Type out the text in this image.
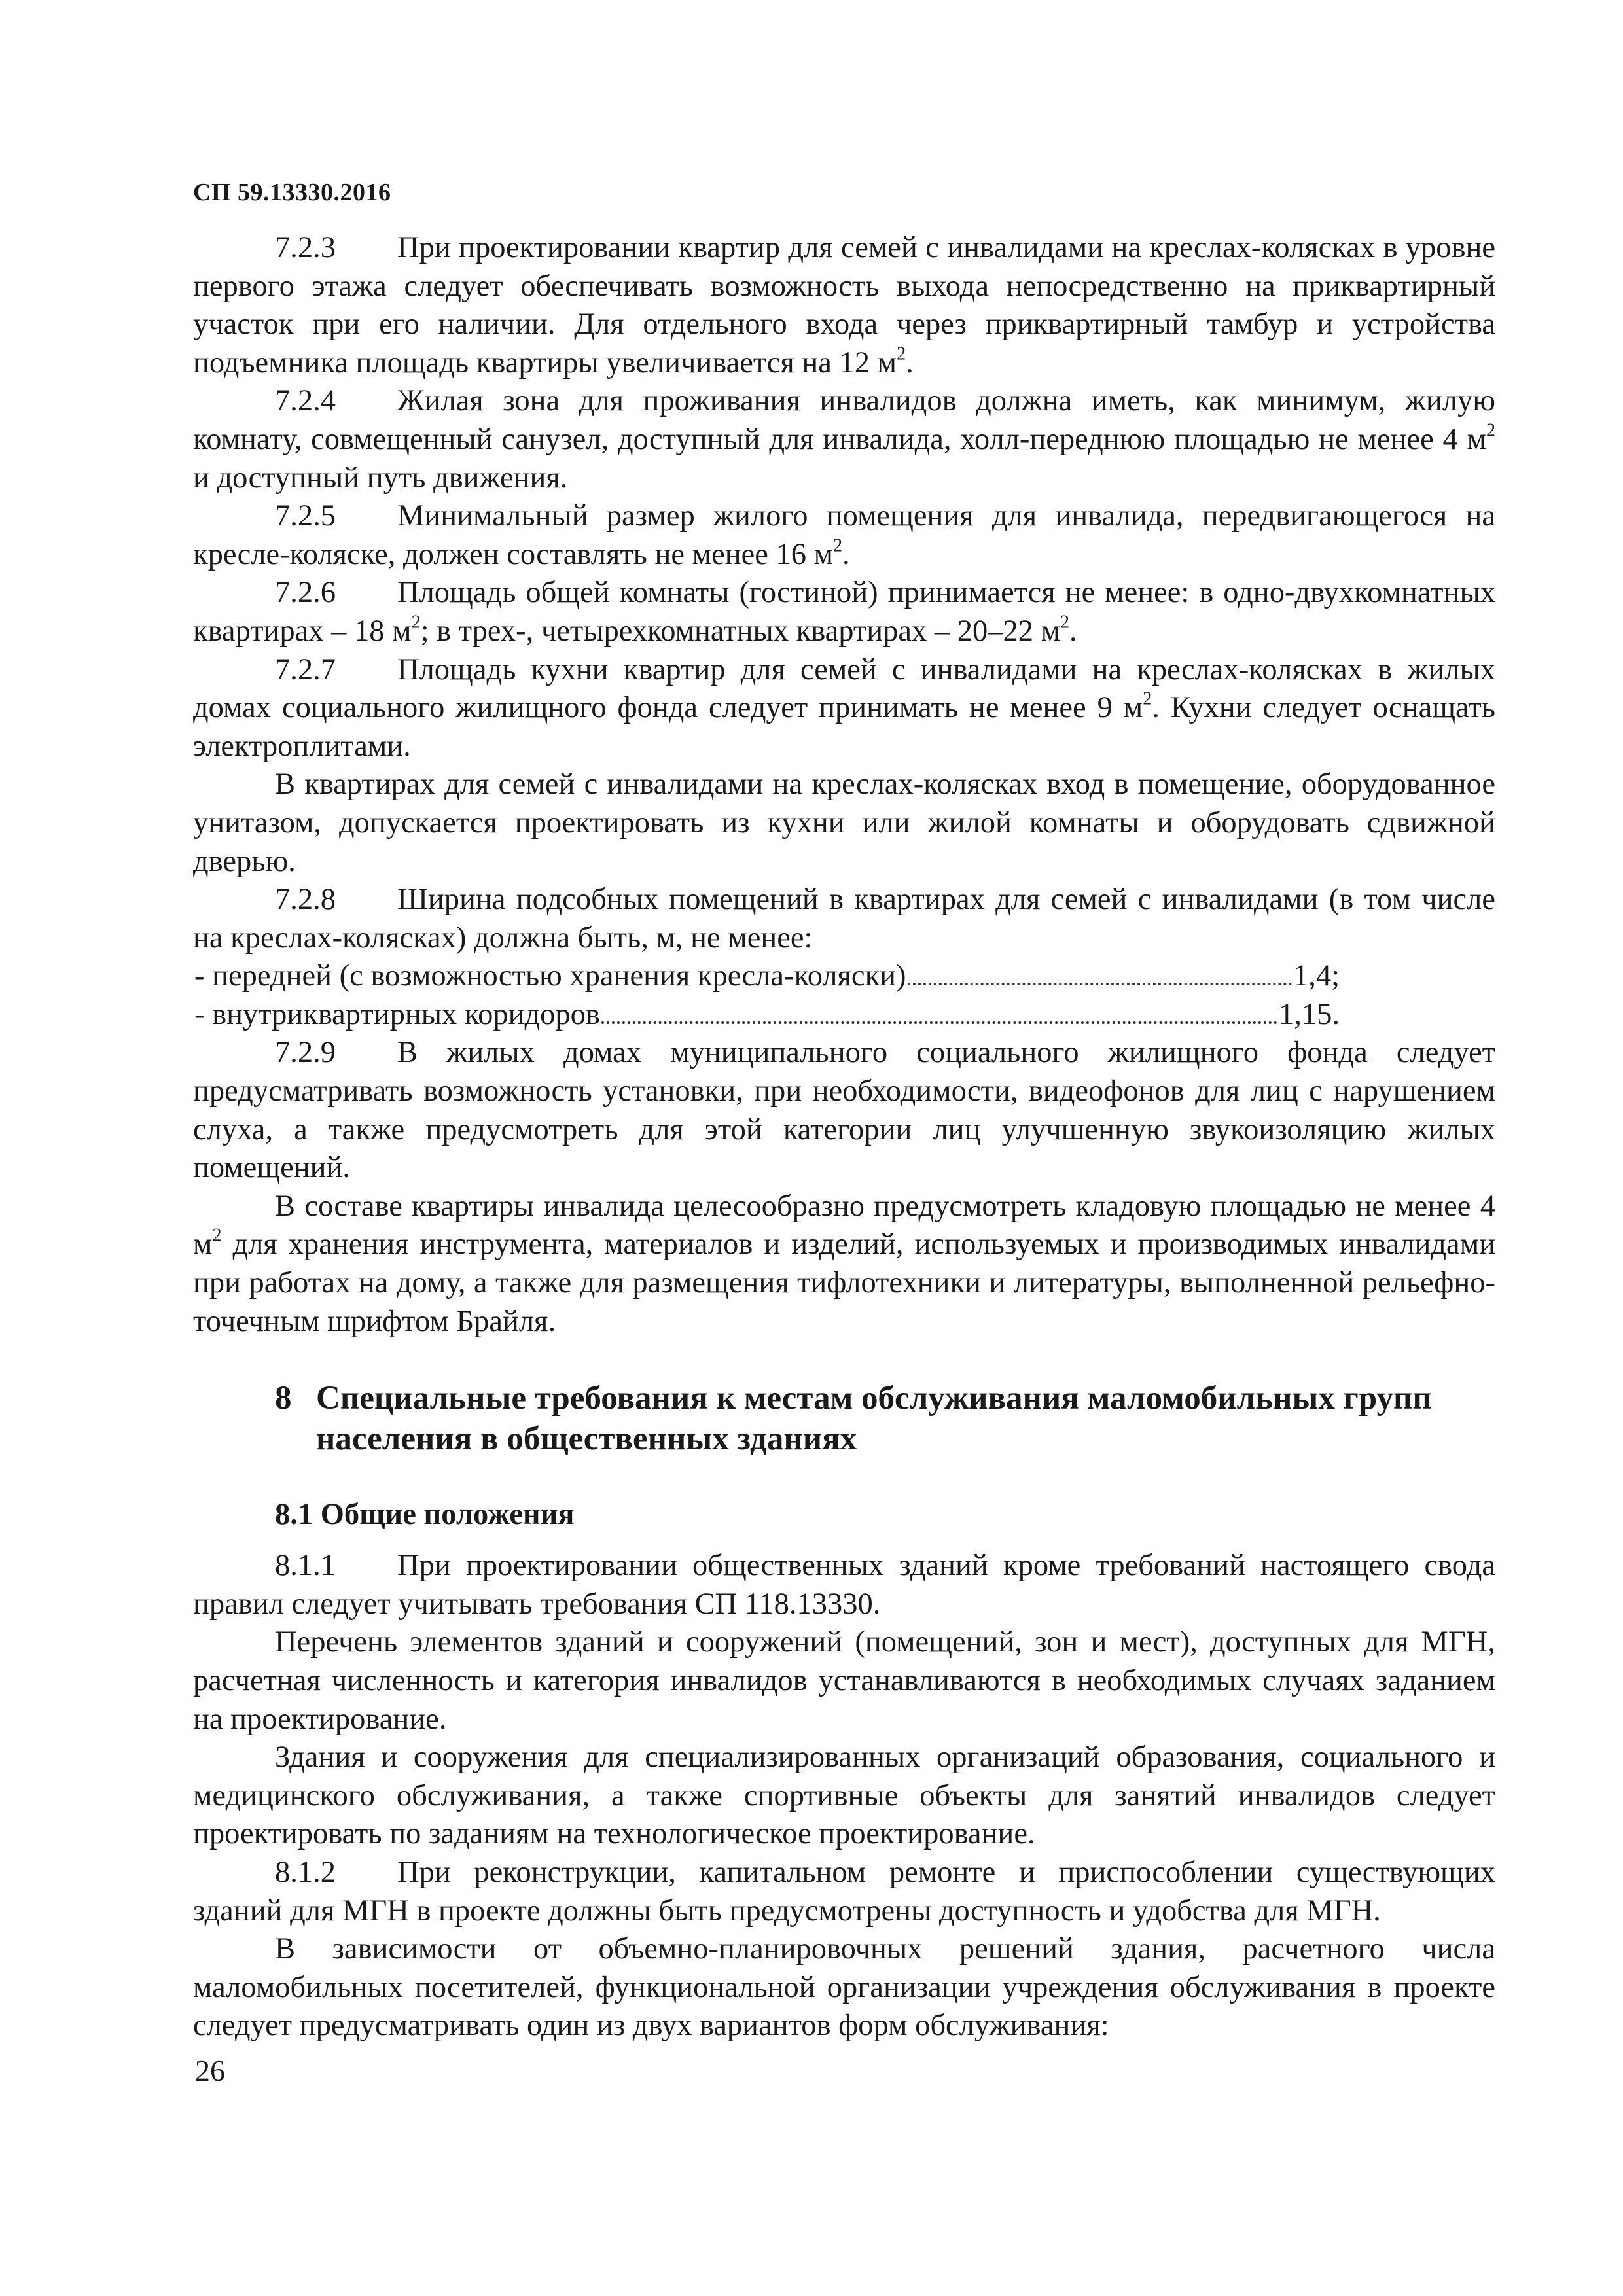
СП 59.13330.2016

7.2.3 При проектировании квартир для семей с инвалидами на креслах-колясках в уровне первого этажа следует обеспечивать возможность выхода непосредственно на приквартирный участок при его наличии. Для отдельного входа через приквартирный тамбур и устройства подъемника площадь квартиры увеличивается на 12 $м^2$.

7.2.4 Жилая зона для проживания инвалидов должна иметь, как минимум, жилую комнату, совмещенный санузел, доступный для инвалида, холл-переднюю площадью не менее 4 $м^2$ и доступный путь движения.

7.2.5 Минимальный размер жилого помещения для инвалида, передвигающегося на кресле-коляске, должен составлять не менее 16 $м^2$.

7.2.6 Площадь общей комнаты (гостиной) принимается не менее: в одно-двухкомнатных квартирах – 18 $м^2$; в трех-, четырехкомнатных квартирах – 20–22 $м^2$.

7.2.7 Площадь кухни квартир для семей с инвалидами на креслах-колясках в жилых домах социального жилищного фонда следует принимать не менее 9 $м^2$. Кухни следует оснащать электроплитами.

В квартирах для семей с инвалидами на креслах-колясках вход в помещение, оборудованное унитазом, допускается проектировать из кухни или жилой комнаты и оборудовать сдвижной дверью.

7.2.8 Ширина подсобных помещений в квартирах для семей с инвалидами (в том числе на креслах-колясках) должна быть, м, не менее:

- передней (с возможностью хранения кресла-коляски)	1,4;
- внутриквартирных коридоров	1,15.

7.2.9 В жилых домах муниципального социального жилищного фонда следует предусматривать возможность установки, при необходимости, видеофонов для лиц с нарушением слуха, а также предусмотреть для этой категории лиц улучшенную звукоизоляцию жилых помещений.

В составе квартиры инвалида целесообразно предусмотреть кладовую площадью не менее 4 $м^2$ для хранения инструмента, материалов и изделий, используемых и производимых инвалидами при работах на дому, а также для размещения тифлотехники и литературы, выполненной рельефно-точечным шрифтом Брайля.

8 Специальные требования к местам обслуживания маломобильных групп населения в общественных зданиях
8.1 Общие положения

8.1.1 При проектировании общественных зданий кроме требований настоящего свода правил следует учитывать требования СП 118.13330.

Перечень элементов зданий и сооружений (помещений, зон и мест), доступных для МГН, расчетная численность и категория инвалидов устанавливаются в необходимых случаях заданием на проектирование.

Здания и сооружения для специализированных организаций образования, социального и медицинского обслуживания, а также спортивные объекты для занятий инвалидов следует проектировать по заданиям на технологическое проектирование.

8.1.2 При реконструкции, капитальном ремонте и приспособлении существующих зданий для МГН в проекте должны быть предусмотрены доступность и удобства для МГН.

В зависимости от объемно-планировочных решений здания, расчетного числа маломобильных посетителей, функциональной организации учреждения обслуживания в проекте следует предусматривать один из двух вариантов форм обслуживания:

26
